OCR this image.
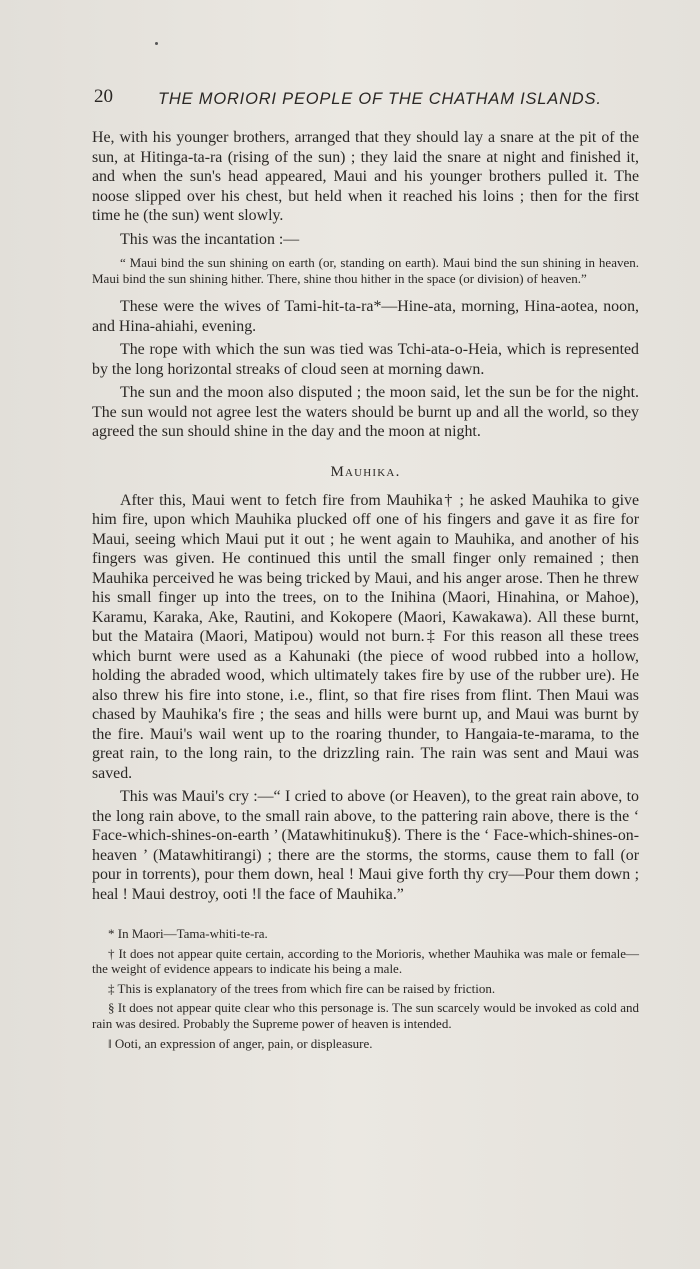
20	THE MORIORI PEOPLE OF THE CHATHAM ISLANDS.

He, with his younger brothers, arranged that they should lay a snare at the pit of the sun, at Hitinga-ta-ra (rising of the sun) ; they laid the snare at night and finished it, and when the sun's head appeared, Maui and his younger brothers pulled it. The noose slipped over his chest, but held when it reached his loins ; then for the first time he (the sun) went slowly.

This was the incantation :—

“ Maui bind the sun shining on earth (or, standing on earth). Maui bind the sun shining in heaven. Maui bind the sun shining hither. There, shine thou hither in the space (or division) of heaven.”

These were the wives of Tami-hit-ta-ra*—Hine-ata, morning, Hina-aotea, noon, and Hina-ahiahi, evening.

The rope with which the sun was tied was Tchi-ata-o-Heia, which is represented by the long horizontal streaks of cloud seen at morning dawn.

The sun and the moon also disputed ; the moon said, let the sun be for the night. The sun would not agree lest the waters should be burnt up and all the world, so they agreed the sun should shine in the day and the moon at night.

Mauhika.

After this, Maui went to fetch fire from Mauhika† ; he asked Mauhika to give him fire, upon which Mauhika plucked off one of his fingers and gave it as fire for Maui, seeing which Maui put it out ; he went again to Mauhika, and another of his fingers was given. He continued this until the small finger only remained ; then Mauhika perceived he was being tricked by Maui, and his anger arose. Then he threw his small finger up into the trees, on to the Inihina (Maori, Hinahina, or Mahoe), Karamu, Karaka, Ake, Rautini, and Kokopere (Maori, Kawakawa). All these burnt, but the Mataira (Maori, Matipou) would not burn.‡ For this reason all these trees which burnt were used as a Kahunaki (the piece of wood rubbed into a hollow, holding the abraded wood, which ultimately takes fire by use of the rubber ure). He also threw his fire into stone, i.e., flint, so that fire rises from flint. Then Maui was chased by Mauhika's fire ; the seas and hills were burnt up, and Maui was burnt by the fire. Maui's wail went up to the roaring thunder, to Hangaia-te-marama, to the great rain, to the long rain, to the drizzling rain. The rain was sent and Maui was saved.

This was Maui's cry :—“ I cried to above (or Heaven), to the great rain above, to the long rain above, to the small rain above, to the pattering rain above, there is the ‘ Face-which-shines-on-earth ’ (Matawhitinuku§). There is the ‘ Face-which-shines-on-heaven ’ (Matawhitirangi) ; there are the storms, the storms, cause them to fall (or pour in torrents), pour them down, heal ! Maui give forth thy cry—Pour them down ; heal ! Maui destroy, ooti !‖ the face of Mauhika.”

* In Maori—Tama-whiti-te-ra.

† It does not appear quite certain, according to the Morioris, whether Mauhika was male or female—the weight of evidence appears to indicate his being a male.

‡ This is explanatory of the trees from which fire can be raised by friction.

§ It does not appear quite clear who this personage is. The sun scarcely would be invoked as cold and rain was desired. Probably the Supreme power of heaven is intended.

‖ Ooti, an expression of anger, pain, or displeasure.
